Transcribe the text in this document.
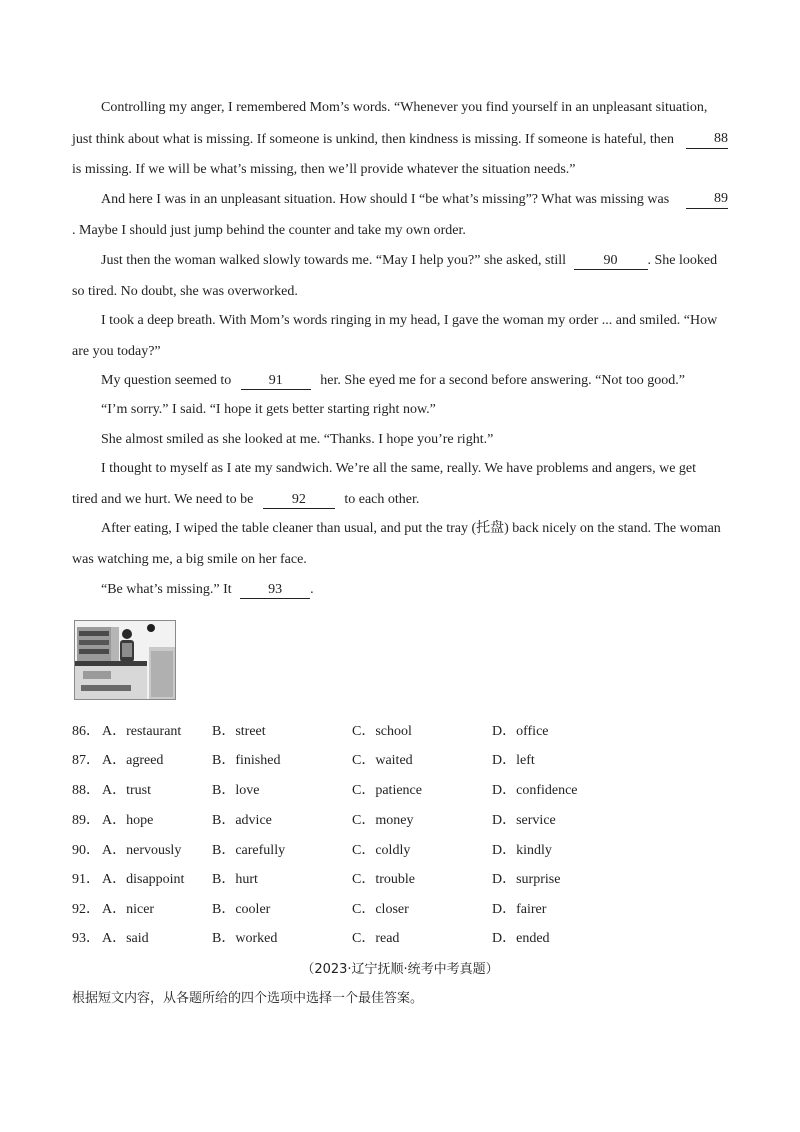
Controlling my anger, I remembered Mom’s words. “Whenever you find yourself in an unpleasant situation,
just think about what is missing. If someone is unkind, then kindness is missing. If someone is hateful, then	88
is missing. If we will be what’s missing, then we’ll provide whatever the situation needs.”
And here I was in an unpleasant situation. How should I “be what’s missing”? What was missing was	89
. Maybe I should just jump behind the counter and take my own order.
Just then the woman walked slowly towards me. “May I help you?” she asked, still	90 . She looked
so tired. No doubt, she was overworked.
I took a deep breath. With Mom’s words ringing in my head, I gave the woman my order ... and smiled. “How
are you today?”
My question seemed to	91	her. She eyed me for a second before answering. “Not too good.”
“I’m sorry.” I said. “I hope it gets better starting right now.”
She almost smiled as she looked at me. “Thanks. I hope you’re right.”
I thought to myself as I ate my sandwich. We’re all the same, really. We have problems and angers, we get
tired and we hurt. We need to be	92	to each other.
After eating, I wiped the table cleaner than usual, and put the tray (托盘) back nicely on the stand. The woman
was watching me, a big smile on her face.
“Be what’s missing.” It	93 .
86． A．restaurant B．street	C．school	D．office
87． A．agreed	B．finished	C．waited	D．left
88． A．trust	B．love	C．patience	D．confidence
89． A．hope	B．advice	C．money	D．service
90． A．nervously B．carefully	C．coldly	D．kindly
91． A．disappoint B．hurt	C．trouble	D．surprise
92． A．nicer	B．cooler	C．closer	D．fairer
93． A．said	B．worked	C．read	D．ended
（2023·辽宁抚顺·统考中考真题）
根据短文内容，从各题所给的四个选项中选择一个最佳答案。
